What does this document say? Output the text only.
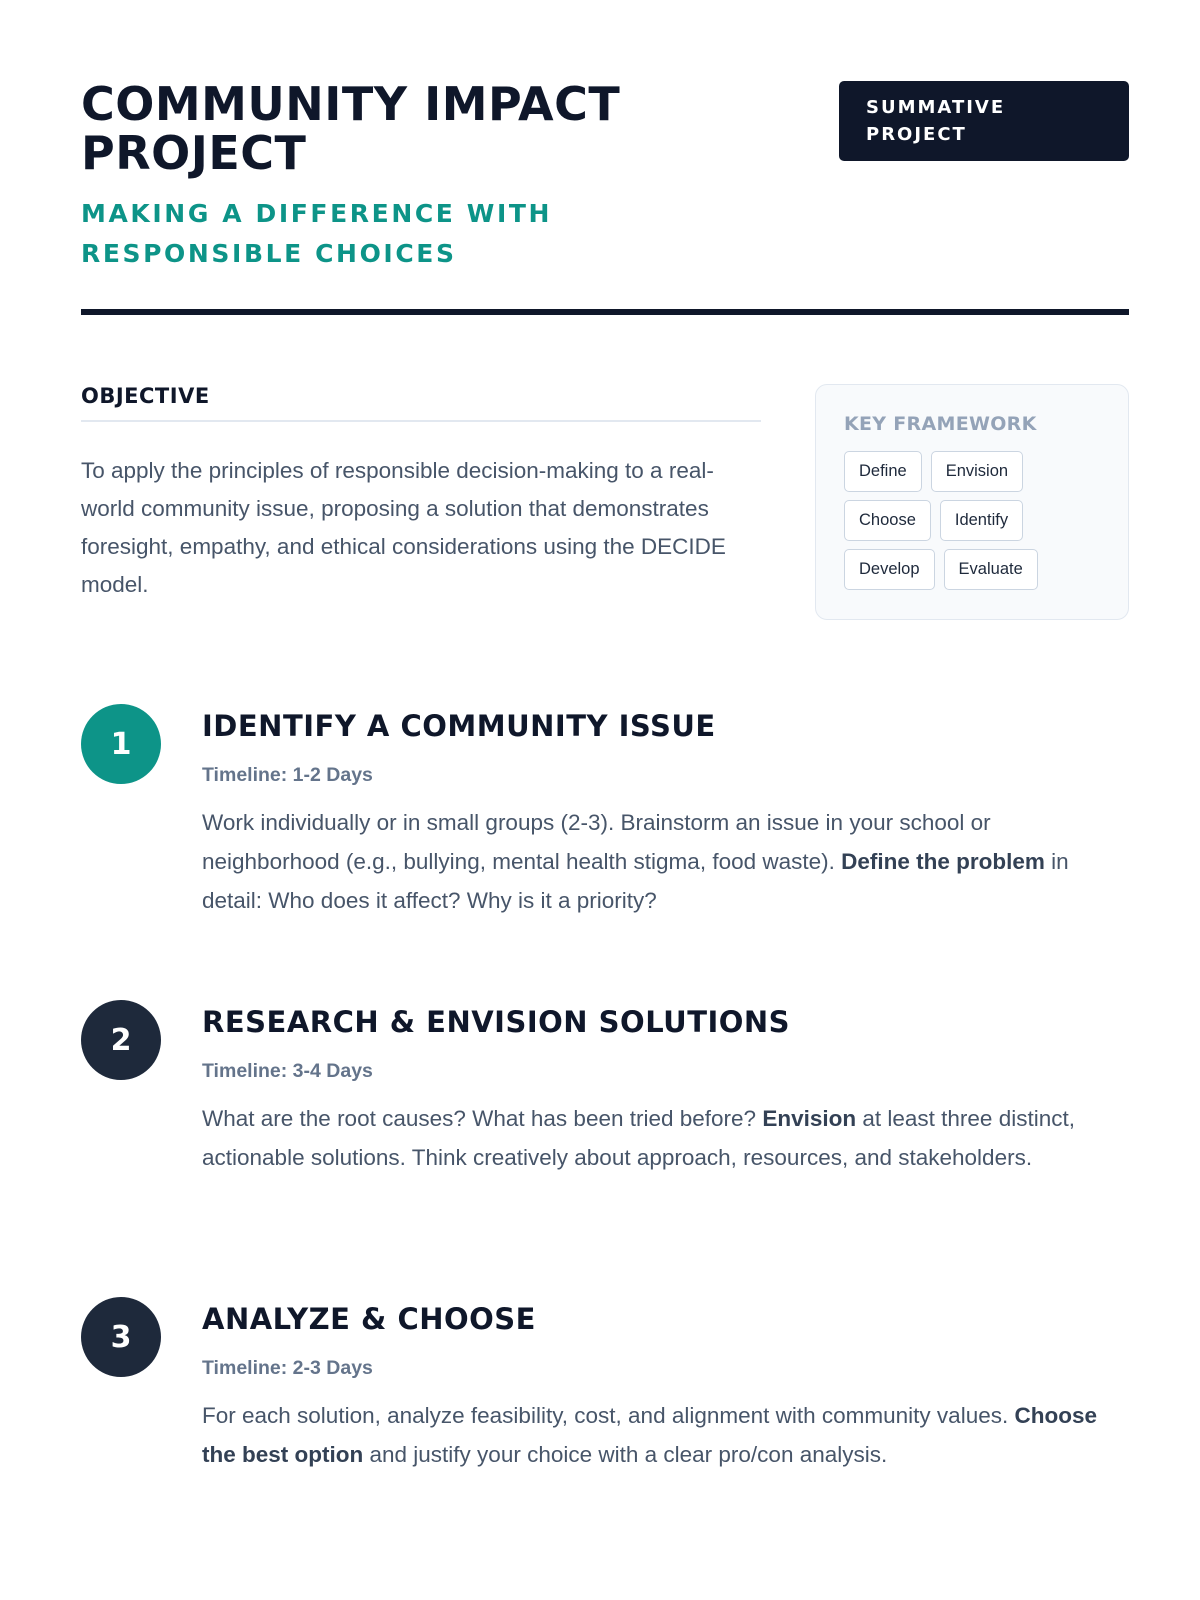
COMMUNITY IMPACT PROJECT
MAKING A DIFFERENCE WITH RESPONSIBLE CHOICES
SUMMATIVE PROJECT
OBJECTIVE

To apply the principles of responsible decision-making to a real-world community issue, proposing a solution that demonstrates foresight, empathy, and ethical considerations using the DECIDE model.

KEY FRAMEWORK
Define	Envision
Choose	Identify
Develop	Evaluate
1
IDENTIFY A COMMUNITY ISSUE
Timeline: 1-2 Days

Work individually or in small groups (2-3). Brainstorm an issue in your school or neighborhood (e.g., bullying, mental health stigma, food waste). Define the problem in detail: Who does it affect? Why is it a priority?

2
RESEARCH & ENVISION SOLUTIONS
Timeline: 3-4 Days

What are the root causes? What has been tried before? Envision at least three distinct, actionable solutions. Think creatively about approach, resources, and stakeholders.

3
ANALYZE & CHOOSE
Timeline: 2-3 Days

For each solution, analyze feasibility, cost, and alignment with community values. Choose the best option and justify your choice with a clear pro/con analysis.
